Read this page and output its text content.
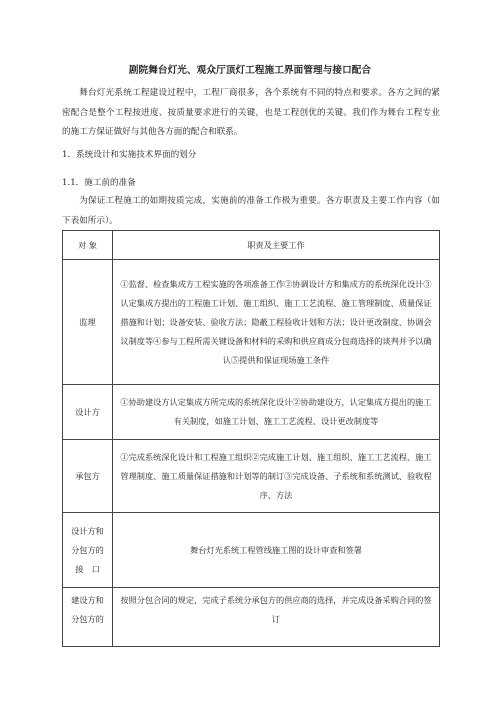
剧院舞台灯光、观众厅顶灯工程施工界面管理与接口配合
舞台灯光系统工程建设过程中，工程厂商很多，各个系统有不同的特点和要求。各方之间的紧密配合是整个工程按进度、按质量要求进行的关键，也是工程创优的关键。我们作为舞台工程专业的施工方保证做好与其他各方面的配合和联系。
1．系统设计和实施技术界面的划分
1.1．施工前的准备
为保证工程施工的如期按质完成，实施前的准备工作极为重要。各方职责及主要工作内容（如下表如所示）。
对 象	职责及主要工作
监理	①监督、检查集成方工程实施的各项准备工作②协调设计方和集成方的系统深化设计③认定集成方提出的工程施工计划、施工组织、施工工艺流程、施工管理制度、质量保证措施和计划；设备安装、验收方法；隐蔽工程验收计划和方法；设计更改制度、协调会议制度等④参与工程所需关键设备和材料的采购和供应商成分包商选择的谈判并予以确认⑤提供和保证现场施工条件
设计方	①协助建设方认定集成方所完成的系统深化设计②协助建设方，认定集成方提出的施工有关制度，如施工计划、施工工艺流程、设计更改制度等
承包方	①完成系统深化设计和工程施工组织②完成施工计划、施工组织、施工工艺流程、施工管理制度、施工质量保证措施和计划等的制订③完成设备、子系统和系统测试、验收程序、方法
设计方和分包方的接　口	舞台灯光系统工程管线施工图的设计审查和签署
建设方和分包方的	按照分包合同的规定，完成子系统分承包方的供应商的选择，并完成设备采购合同的签订
